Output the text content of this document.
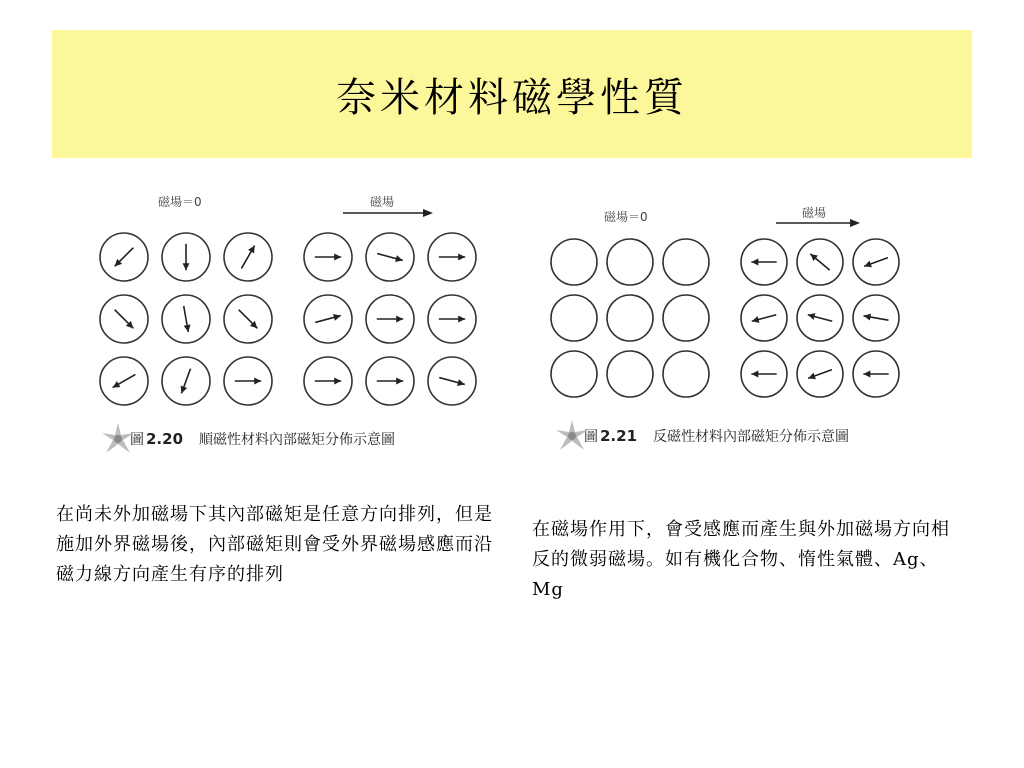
奈米材料磁學性質
磁場＝0	磁場
圖 2.20 順磁性材料內部磁矩分佈示意圖
磁場＝0	磁場
圖 2.21 反磁性材料內部磁矩分佈示意圖

在尚未外加磁場下其內部磁矩是任意方向排列，但是施加外界磁場後，內部磁矩則會受外界磁場感應而沿磁力線方向產生有序的排列

在磁場作用下，會受感應而產生與外加磁場方向相反的微弱磁場。如有機化合物、惰性氣體、Ag、Mg
